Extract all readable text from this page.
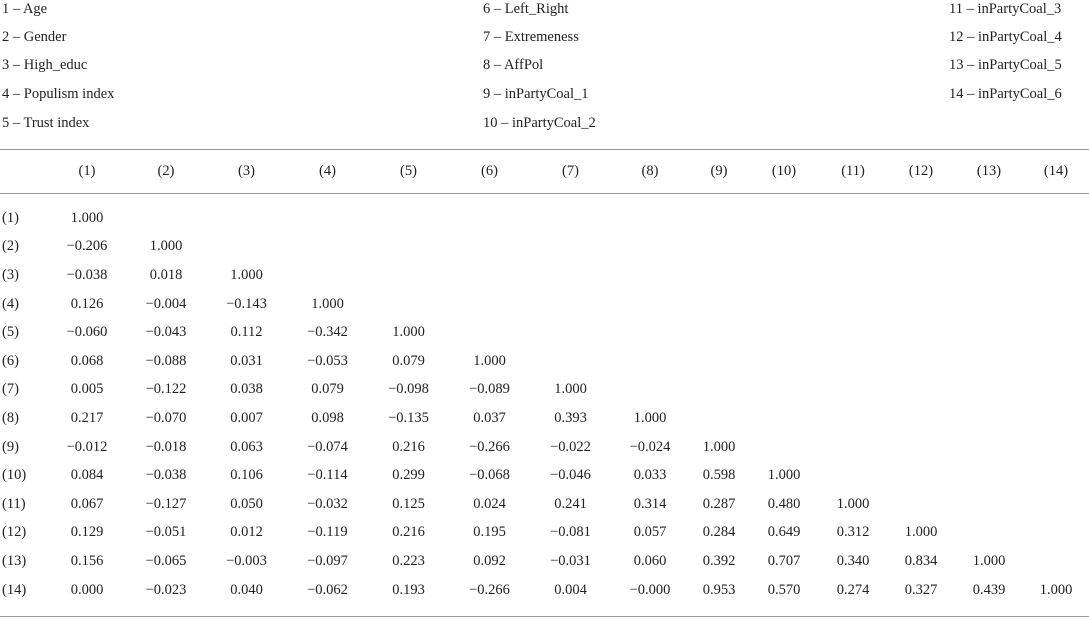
1 – Age
2 – Gender
3 – High_educ
4 – Populism index
5 – Trust index
6 – Left_Right
7 – Extremeness
8 – AffPol
9 – inPartyCoal_1
10 – inPartyCoal_2
11 – inPartyCoal_3
12 – inPartyCoal_4
13 – inPartyCoal_5
14 – inPartyCoal_6
	(1)	(2)	(3)	(4)	(5)	(6)	(7)	(8)	(9)	(10)	(11)	(12)	(13)	(14)

(1)	1.000													
(2)	−0.206	1.000												
(3)	−0.038	0.018	1.000											
(4)	0.126	−0.004	−0.143	1.000										
(5)	−0.060	−0.043	0.112	−0.342	1.000									
(6)	0.068	−0.088	0.031	−0.053	0.079	1.000								
(7)	0.005	−0.122	0.038	0.079	−0.098	−0.089	1.000							
(8)	0.217	−0.070	0.007	0.098	−0.135	0.037	0.393	1.000						
(9)	−0.012	−0.018	0.063	−0.074	0.216	−0.266	−0.022	−0.024	1.000					
(10)	0.084	−0.038	0.106	−0.114	0.299	−0.068	−0.046	0.033	0.598	1.000				
(11)	0.067	−0.127	0.050	−0.032	0.125	0.024	0.241	0.314	0.287	0.480	1.000			
(12)	0.129	−0.051	0.012	−0.119	0.216	0.195	−0.081	0.057	0.284	0.649	0.312	1.000		
(13)	0.156	−0.065	−0.003	−0.097	0.223	0.092	−0.031	0.060	0.392	0.707	0.340	0.834	1.000	
(14)	0.000	−0.023	0.040	−0.062	0.193	−0.266	0.004	−0.000	0.953	0.570	0.274	0.327	0.439	1.000
